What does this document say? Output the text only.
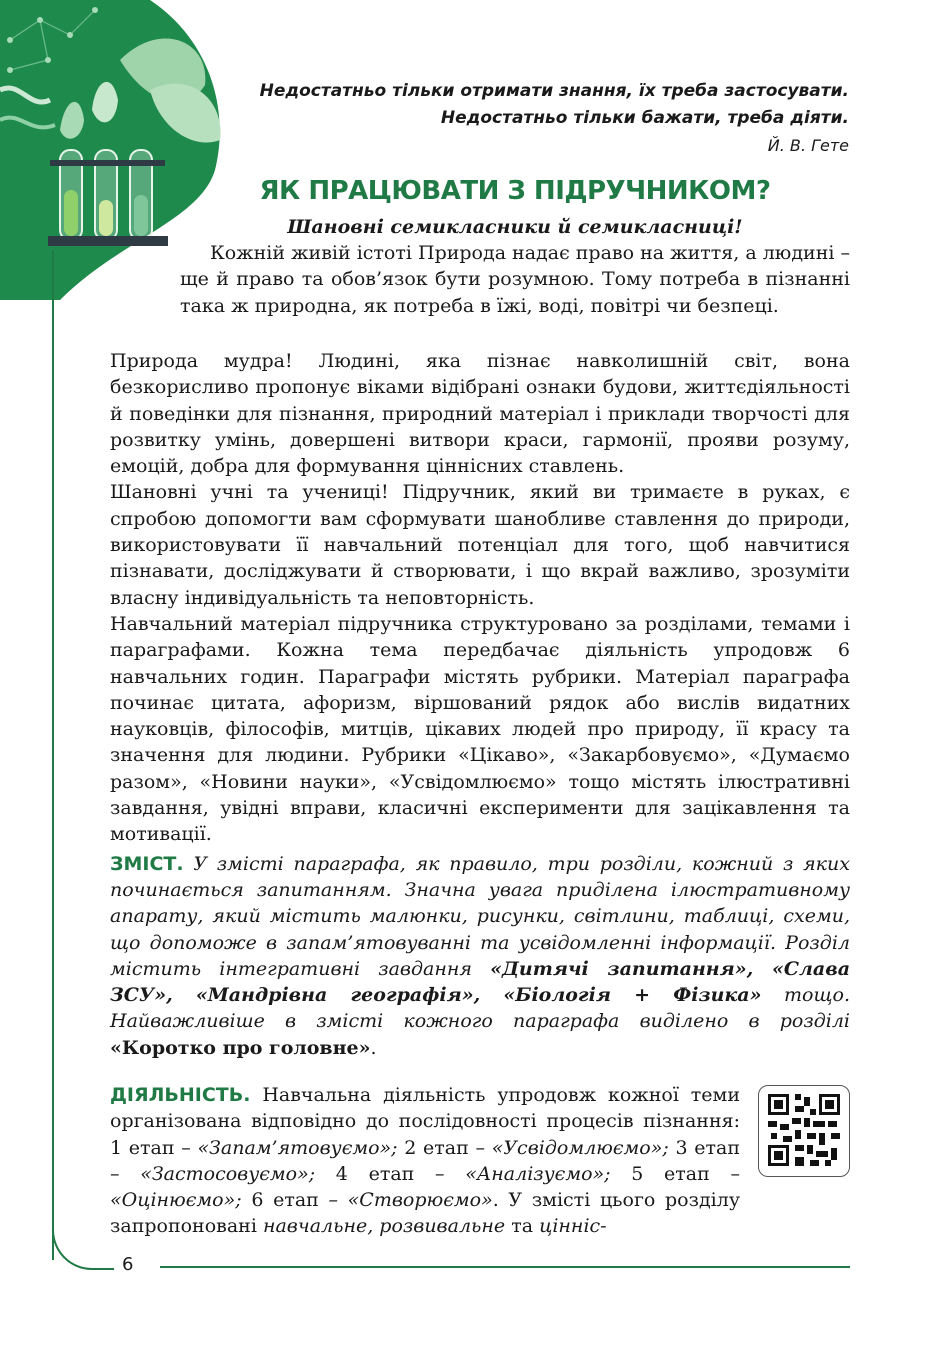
Недостатньо тільки отримати знання, їх треба застосувати.
Недостатньо тільки бажати, треба діяти.
Й. В. Гете
ЯК ПРАЦЮВАТИ З ПІДРУЧНИКОМ?
Шановні семикласники й семикласниці!

Кожній живій істоті Природа надає право на життя, а людині – ще й право та обов’язок бути розумною. Тому потреба в пізнанні така ж природна, як потреба в їжі, воді, повітрі чи безпеці.

Природа мудра! Людині, яка пізнає навколишній світ, вона безкорисливо пропонує віками відібрані ознаки будови, життєдіяльності й поведінки для пізнання, природний матеріал і приклади творчості для розвитку умінь, довершені витвори краси, гармонії, прояви розуму, емоцій, добра для формування ціннісних ставлень.

Шановні учні та учениці! Підручник, який ви тримаєте в руках, є спробою допомогти вам сформувати шанобливе ставлення до природи, використовувати її навчальний потенціал для того, щоб навчитися пізнавати, досліджувати й створювати, і що вкрай важливо, зрозуміти власну індивідуальність та неповторність.

Навчальний матеріал підручника структуровано за розділами, темами і параграфами. Кожна тема передбачає діяльність упродовж 6 навчальних годин. Параграфи містять рубрики. Матеріал параграфа починає цитата, афоризм, віршований рядок або вислів видатних науковців, філософів, митців, цікавих людей про природу, її красу та значення для людини. Рубрики «Цікаво», «Закарбовуємо», «Думаємо разом», «Новини науки», «Усвідомлюємо» тощо містять ілюстративні завдання, увідні вправи, класичні експерименти для зацікавлення та мотивації.

ЗМІСТ. У змісті параграфа, як правило, три розділи, кожний з яких починається запитанням. Значна увага приділена ілюстративному апарату, який містить малюнки, рисунки, світлини, таблиці, схеми, що допоможе в запам’ятовуванні та усвідомленні інформації. Розділ містить інтегративні завдання «Дитячі запитання», «Слава ЗСУ», «Мандрівна географія», «Біологія + Фізика» тощо. Найважливіше в змісті кожного параграфа виділено в розділі «Коротко про головне».

ДІЯЛЬНІСТЬ. Навчальна діяльність упродовж кожної теми організована відповідно до послідовності процесів пізнання: 1 етап – «Запам’ятовуємо»; 2 етап – «Усвідомлюємо»; 3 етап – «Застосовуємо»; 4 етап – «Аналізуємо»; 5 етап – «Оцінюємо»; 6 етап – «Створюємо». У змісті цього розділу запропоновані навчальне, розвивальне та цінніс-

6
